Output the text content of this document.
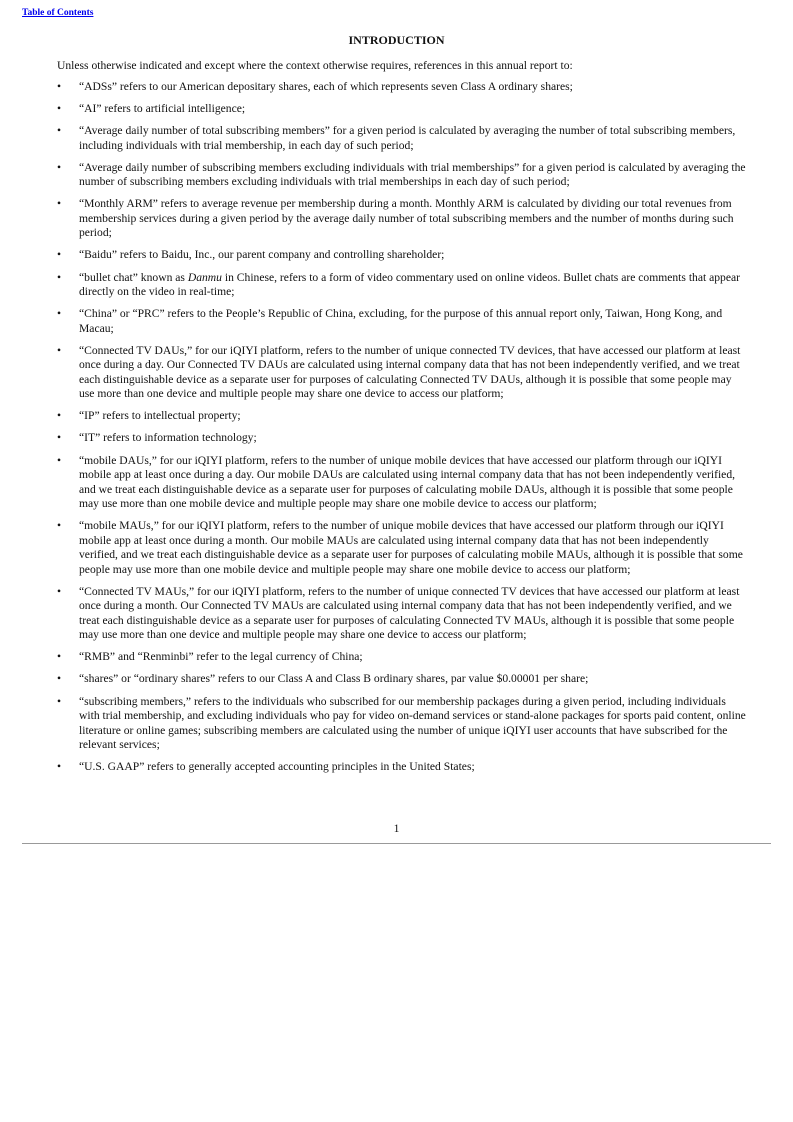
Table of Contents
INTRODUCTION
Unless otherwise indicated and except where the context otherwise requires, references in this annual report to:
• “ADSs” refers to our American depositary shares, each of which represents seven Class A ordinary shares;
• “AI” refers to artificial intelligence;
• “Average daily number of total subscribing members” for a given period is calculated by averaging the number of total subscribing members,
including individuals with trial membership, in each day of such period;
• “Average daily number of subscribing members excluding individuals with trial memberships” for a given period is calculated by averaging the
number of subscribing members excluding individuals with trial memberships in each day of such period;
• “Monthly ARM” refers to average revenue per membership during a month. Monthly ARM is calculated by dividing our total revenues from
membership services during a given period by the average daily number of total subscribing members and the number of months during such
period;
• “Baidu” refers to Baidu, Inc., our parent company and controlling shareholder;
• “bullet chat” known as Danmu in Chinese, refers to a form of video commentary used on online videos. Bullet chats are comments that appear
directly on the video in real-time;
• “China” or “PRC” refers to the People’s Republic of China, excluding, for the purpose of this annual report only, Taiwan, Hong Kong, and
Macau;
• “Connected TV DAUs,” for our iQIYI platform, refers to the number of unique connected TV devices, that have accessed our platform at least
once during a day. Our Connected TV DAUs are calculated using internal company data that has not been independently verified, and we treat
each distinguishable device as a separate user for purposes of calculating Connected TV DAUs, although it is possible that some people may
use more than one device and multiple people may share one device to access our platform;
• “IP” refers to intellectual property;
• “IT” refers to information technology;
• “mobile DAUs,” for our iQIYI platform, refers to the number of unique mobile devices that have accessed our platform through our iQIYI
mobile app at least once during a day. Our mobile DAUs are calculated using internal company data that has not been independently verified,
and we treat each distinguishable device as a separate user for purposes of calculating mobile DAUs, although it is possible that some people
may use more than one mobile device and multiple people may share one mobile device to access our platform;
• “mobile MAUs,” for our iQIYI platform, refers to the number of unique mobile devices that have accessed our platform through our iQIYI
mobile app at least once during a month. Our mobile MAUs are calculated using internal company data that has not been independently
verified, and we treat each distinguishable device as a separate user for purposes of calculating mobile MAUs, although it is possible that some
people may use more than one mobile device and multiple people may share one mobile device to access our platform;
• “Connected TV MAUs,” for our iQIYI platform, refers to the number of unique connected TV devices that have accessed our platform at least
once during a month. Our Connected TV MAUs are calculated using internal company data that has not been independently verified, and we
treat each distinguishable device as a separate user for purposes of calculating Connected TV MAUs, although it is possible that some people
may use more than one device and multiple people may share one device to access our platform;
• “RMB” and “Renminbi” refer to the legal currency of China;
• “shares” or “ordinary shares” refers to our Class A and Class B ordinary shares, par value $0.00001 per share;
• “subscribing members,” refers to the individuals who subscribed for our membership packages during a given period, including individuals
with trial membership, and excluding individuals who pay for video on-demand services or stand-alone packages for sports paid content, online
literature or online games; subscribing members are calculated using the number of unique iQIYI user accounts that have subscribed for the
relevant services;
• “U.S. GAAP” refers to generally accepted accounting principles in the United States;
1
